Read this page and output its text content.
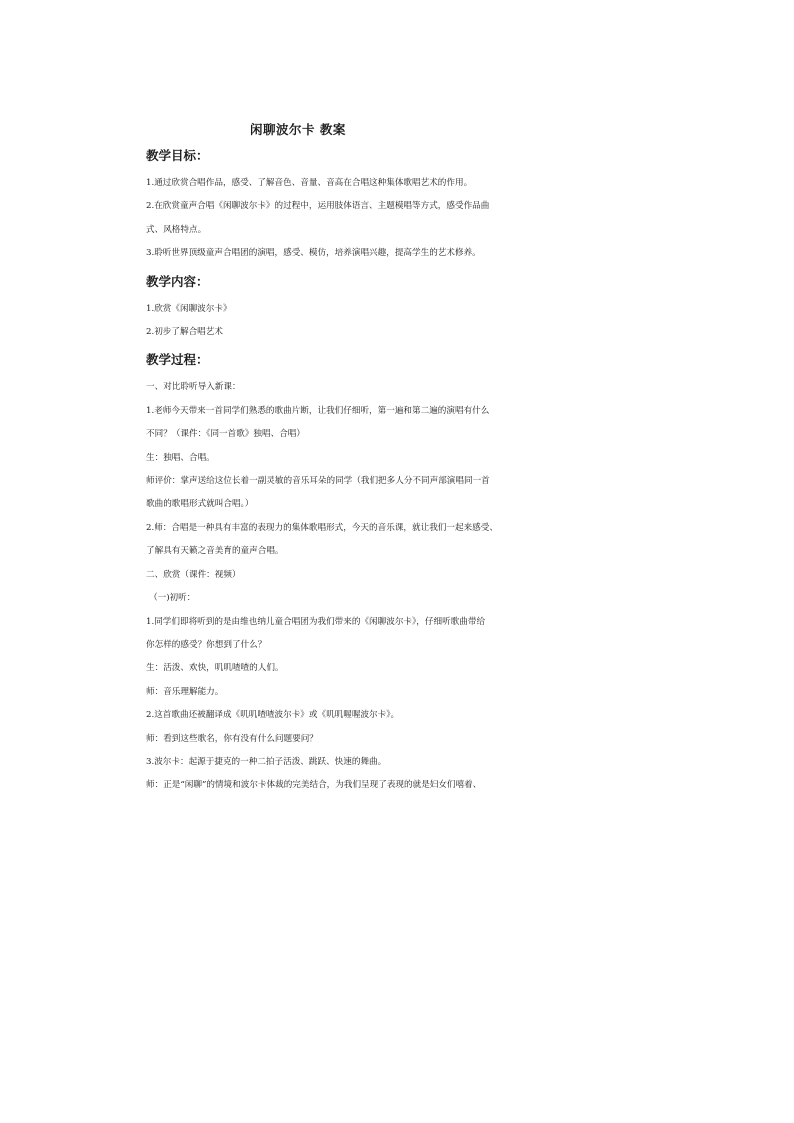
闲聊波尔卡 教案
教学目标：

1.通过欣赏合唱作品，感受、了解音色、音量、音高在合唱这种集体歌唱艺术的作用。

2.在欣赏童声合唱《闲聊波尔卡》的过程中，运用肢体语言、主题模唱等方式，感受作品曲

式、风格特点。

3.聆听世界顶级童声合唱团的演唱，感受、模仿，培养演唱兴趣，提高学生的艺术修养。

教学内容：

1.欣赏《闲聊波尔卡》

2.初步了解合唱艺术

教学过程：

一、对比聆听导入新课：

1.老师今天带来一首同学们熟悉的歌曲片断，让我们仔细听，第一遍和第二遍的演唱有什么

不同？（课件：《同一首歌》独唱、合唱）

生：独唱、合唱。

师评价：掌声送给这位长着一副灵敏的音乐耳朵的同学（我们把多人分不同声部演唱同一首

歌曲的歌唱形式就叫合唱。）

2.师：合唱是一种具有丰富的表现力的集体歌唱形式，今天的音乐课，就让我们一起来感受、

了解具有天籁之音美育的童声合唱。

二、欣赏（课件：视频）

（一)初听：

1.同学们即将听到的是由维也纳儿童合唱团为我们带来的《闲聊波尔卡》，仔细听歌曲带给

你怎样的感受？你想到了什么？

生：活泼、欢快，叽叽喳喳的人们。

师：音乐理解能力。

2.这首歌曲还被翻译成《叽叽喳喳波尔卡》或《叽叽喔喔波尔卡》。

师：看到这些歌名，你有没有什么问题要问？

3.波尔卡：起源于捷克的一种二拍子活泼、跳跃、快速的舞曲。

师：正是“闲聊”的情境和波尔卡体裁的完美结合，为我们呈现了表现的就是妇女们嘻着、
